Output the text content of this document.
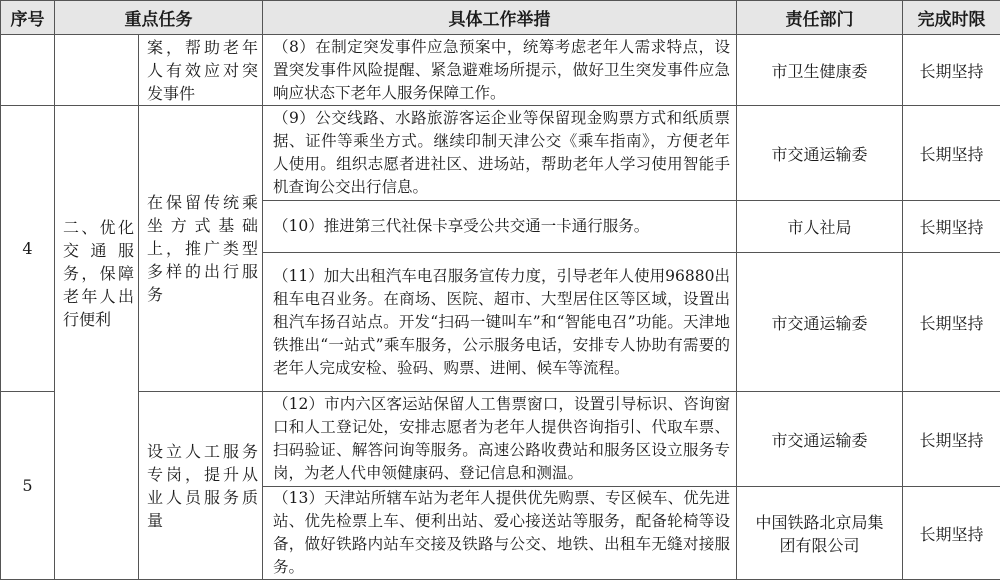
序号	重点任务		具体工作举措	责任部门	完成时限
		案，帮助老年人有效应对突发事件	（8）在制定突发事件应急预案中，统筹考虑老年人需求特点，设置突发事件风险提醒、紧急避难场所提示，做好卫生突发事件应急响应状态下老年人服务保障工作。	市卫生健康委	长期坚持
4	二、优化交通服务，保障老年人出行便利	在保留传统乘坐方式基础上，推广类型多样的出行服务	（9）公交线路、水路旅游客运企业等保留现金购票方式和纸质票据、证件等乘坐方式。继续印制天津公交《乘车指南》，方便老年人使用。组织志愿者进社区、进场站，帮助老年人学习使用智能手机查询公交出行信息。	市交通运输委	长期坚持
			（10）推进第三代社保卡享受公共交通一卡通行服务。	市人社局	长期坚持
			（11）加大出租汽车电召服务宣传力度，引导老年人使用96880出租车电召业务。在商场、医院、超市、大型居住区等区域，设置出租汽车扬召站点。开发“扫码一键叫车”和“智能电召”功能。天津地铁推出“一站式”乘车服务，公示服务电话，安排专人协助有需要的老年人完成安检、验码、购票、进闸、候车等流程。	市交通运输委	长期坚持
5		设立人工服务专岗，提升从业人员服务质量	（12）市内六区客运站保留人工售票窗口，设置引导标识、咨询窗口和人工登记处，安排志愿者为老年人提供咨询指引、代取车票、扫码验证、解答问询等服务。高速公路收费站和服务区设立服务专岗，为老人代申领健康码、登记信息和测温。	市交通运输委	长期坚持
			（13）天津站所辖车站为老年人提供优先购票、专区候车、优先进站、优先检票上车、便利出站、爱心接送站等服务，配备轮椅等设备，做好铁路内站车交接及铁路与公交、地铁、出租车无缝对接服务。	中国铁路北京局集团有限公司	长期坚持
